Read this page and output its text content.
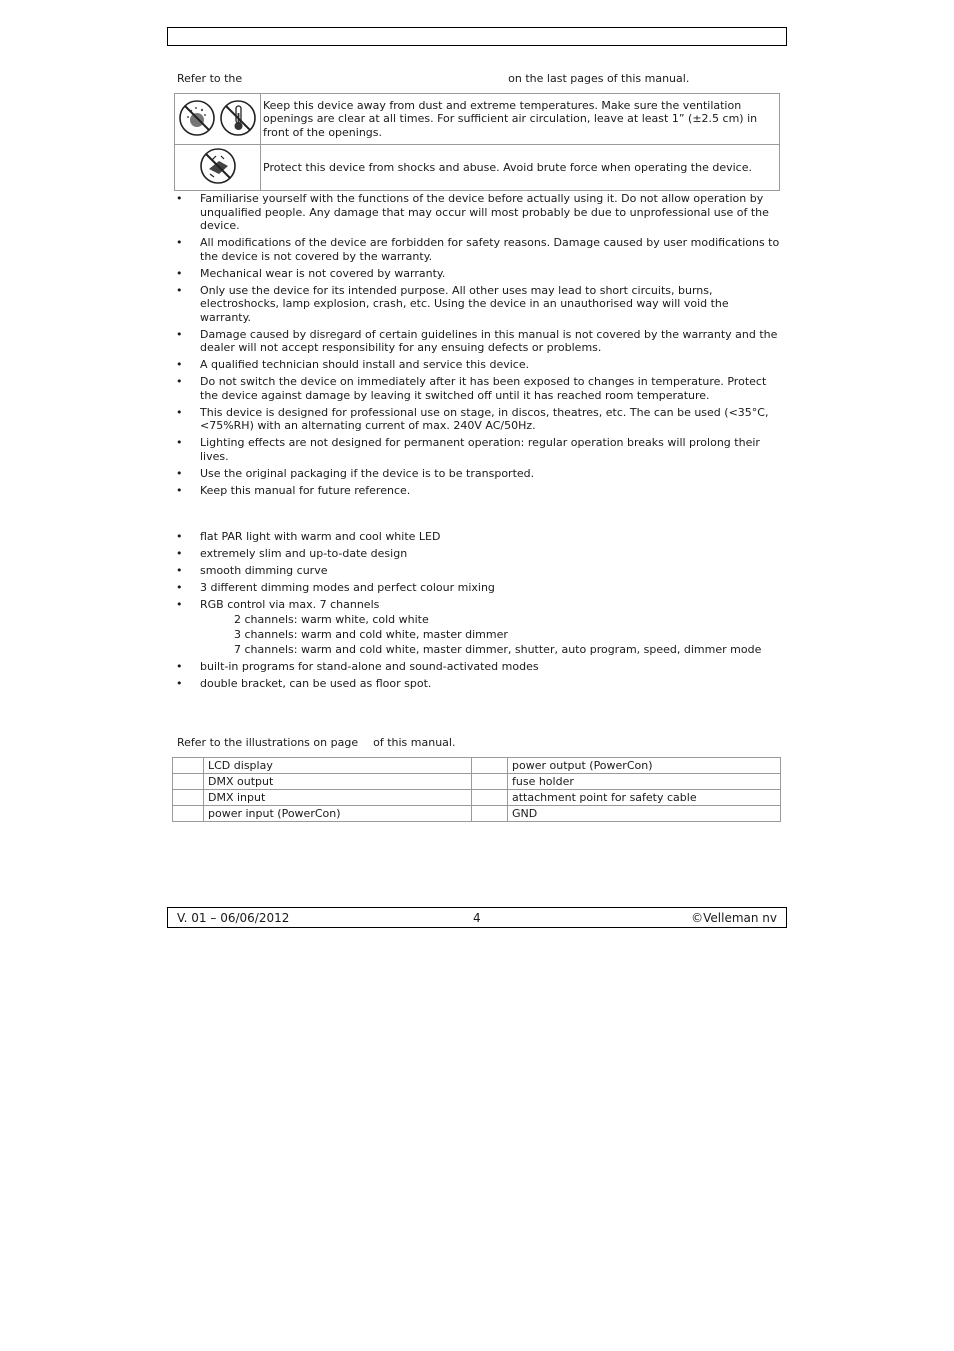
Refer to the	on the last pages of this manual.
	Keep this device away from dust and extreme temperatures. Make sure the ventilation openings are clear at all times. For sufficient air circulation, leave at least 1” (±2.5 cm) in front of the openings.
	Protect this device from shocks and abuse. Avoid brute force when operating the device.
• Familiarise yourself with the functions of the device before actually using it. Do not allow operation by unqualified people. Any damage that may occur will most probably be due to unprofessional use of the device.
• All modifications of the device are forbidden for safety reasons. Damage caused by user modifications to the device is not covered by the warranty.
• Mechanical wear is not covered by warranty.
• Only use the device for its intended purpose. All other uses may lead to short circuits, burns, electroshocks, lamp explosion, crash, etc. Using the device in an unauthorised way will void the warranty.
• Damage caused by disregard of certain guidelines in this manual is not covered by the warranty and the dealer will not accept responsibility for any ensuing defects or problems.
• A qualified technician should install and service this device.
• Do not switch the device on immediately after it has been exposed to changes in temperature. Protect the device against damage by leaving it switched off until it has reached room temperature.
• This device is designed for professional use on stage, in discos, theatres, etc. The can be used (<35°C, <75%RH) with an alternating current of max. 240V AC/50Hz.
• Lighting effects are not designed for permanent operation: regular operation breaks will prolong their lives.
• Use the original packaging if the device is to be transported.
• Keep this manual for future reference.
• flat PAR light with warm and cool white LED
• extremely slim and up-to-date design
• smooth dimming curve
• 3 different dimming modes and perfect colour mixing
• RGB control via max. 7 channels
2 channels: warm white, cold white
3 channels: warm and cold white, master dimmer
7 channels: warm and cold white, master dimmer, shutter, auto program, speed, dimmer mode
• built-in programs for stand-alone and sound-activated modes
• double bracket, can be used as floor spot.
Refer to the illustrations on page of this manual.
	LCD display		power output (PowerCon)
	DMX output		fuse holder
	DMX input		attachment point for safety cable
	power input (PowerCon)		GND
V. 01 – 06/06/2012	4	©Velleman nv
